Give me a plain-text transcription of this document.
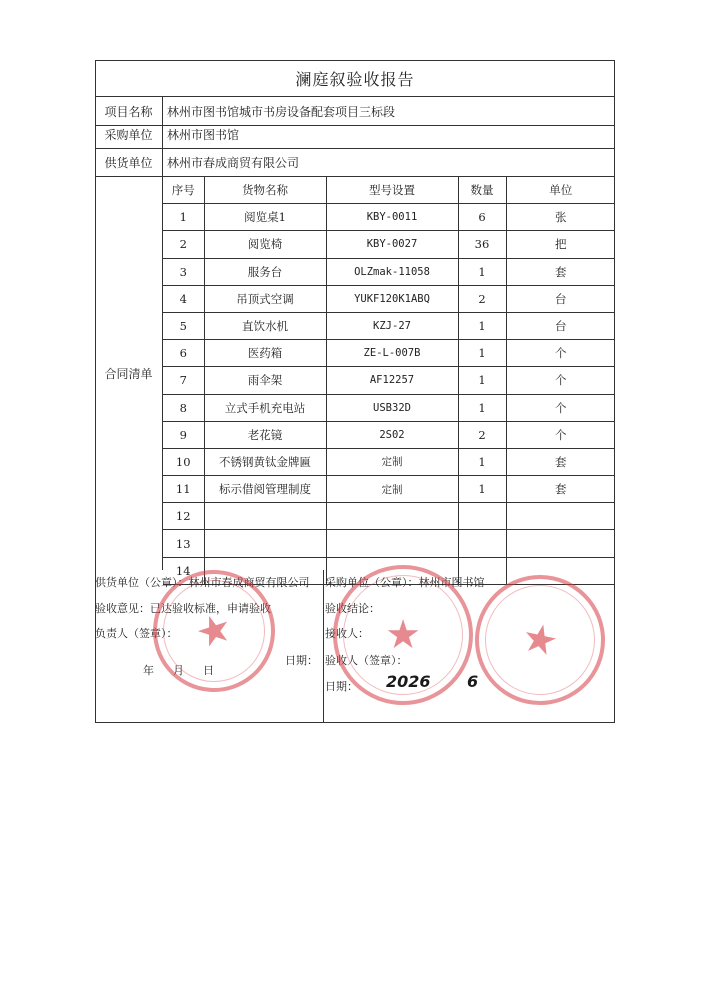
澜庭叙验收报告
项目名称	林州市图书馆城市书房设备配套项目三标段
采购单位	林州市图书馆
供货单位	林州市春成商贸有限公司
合同清单
序号	货物名称	型号设置	数量	单位
1	阅览桌1	KBY-0011	6	张
2	阅览椅	KBY-0027	36	把
3	服务台	OLZmak-11058	1	套
4	吊顶式空调	YUKF120K1ABQ	2	台
5	直饮水机	KZJ-27	1	台
6	医药箱	ZE-L-007B	1	个
7	雨伞架	AF12257	1	个
8	立式手机充电站	USB32D	1	个
9	老花镜	2S02	2	个
10	不锈钢黄钛金牌匾	定制	1	套
11	标示借阅管理制度	定制	1	套
12				
13				
14				
供货单位（公章）：林州市春成商贸有限公司
验收意见：已达验收标准，申请验收
负责人（签章）：
年 月 日
日期：
采购单位（公章）：林州市图书馆
验收结论：
接收人：
验收人（签章）：
日期： 2026 6
★	★ ★
